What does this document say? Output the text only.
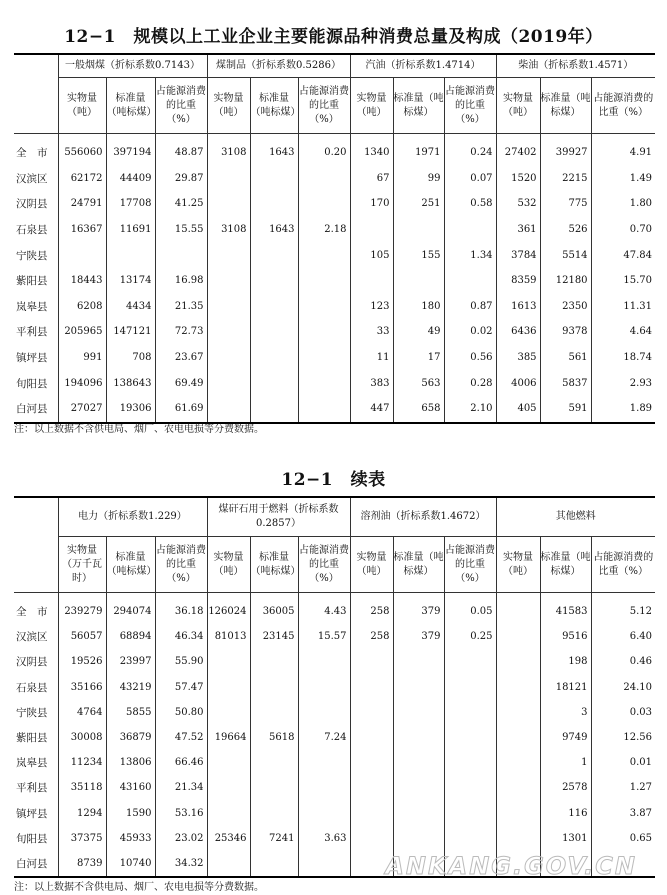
12−1　规模以上工业企业主要能源品种消费总量及构成（2019年）
	一般烟煤（折标系数0.7143）			煤制品（折标系数0.5286）			汽油（折标系数1.4714）			柴油（折标系数1.4571）		
	实物量（吨）	标准量（吨标煤）	占能源消费的比重（%）	实物量（吨）	标准量（吨标煤）	占能源消费的比重（%）	实物量（吨）	标准量（吨标煤）	占能源消费的比重（%）	实物量（吨）	标准量（吨标煤）	占能源消费的比重（%）
全　市	556060	397194	48.87	3108	1643	0.20	1340	1971	0.24	27402	39927	4.91
汉滨区	62172	44409	29.87				67	99	0.07	1520	2215	1.49
汉阴县	24791	17708	41.25				170	251	0.58	532	775	1.80
石泉县	16367	11691	15.55	3108	1643	2.18				361	526	0.70
宁陕县							105	155	1.34	3784	5514	47.84
紫阳县	18443	13174	16.98							8359	12180	15.70
岚皋县	6208	4434	21.35				123	180	0.87	1613	2350	11.31
平利县	205965	147121	72.73				33	49	0.02	6436	9378	4.64
镇坪县	991	708	23.67				11	17	0.56	385	561	18.74
旬阳县	194096	138643	69.49				383	563	0.28	4006	5837	2.93
白河县	27027	19306	61.69				447	658	2.10	405	591	1.89
注：以上数据不含供电局、烟厂、农电电损等分费数据。
12−1　续表
	电力（折标系数1.229）			煤矸石用于燃料（折标系数0.2857）			溶剂油（折标系数1.4672）			其他燃料		
	实物量（万千瓦时）	标准量（吨标煤）	占能源消费的比重（%）	实物量（吨）	标准量（吨标煤）	占能源消费的比重（%）	实物量（吨）	标准量（吨标煤）	占能源消费的比重（%）	实物量（吨）	标准量（吨标煤）	占能源消费的比重（%）
全　市	239279	294074	36.18	126024	36005	4.43	258	379	0.05		41583	5.12
汉滨区	56057	68894	46.34	81013	23145	15.57	258	379	0.25		9516	6.40
汉阴县	19526	23997	55.90								198	0.46
石泉县	35166	43219	57.47								18121	24.10
宁陕县	4764	5855	50.80								3	0.03
紫阳县	30008	36879	47.52	19664	5618	7.24					9749	12.56
岚皋县	11234	13806	66.46								1	0.01
平利县	35118	43160	21.34								2578	1.27
镇坪县	1294	1590	53.16								116	3.87
旬阳县	37375	45933	23.02	25346	7241	3.63					1301	0.65
白河县	8739	10740	34.32									
注：以上数据不含供电局、烟厂、农电电损等分费数据。
ANKANG.GOV.CN
